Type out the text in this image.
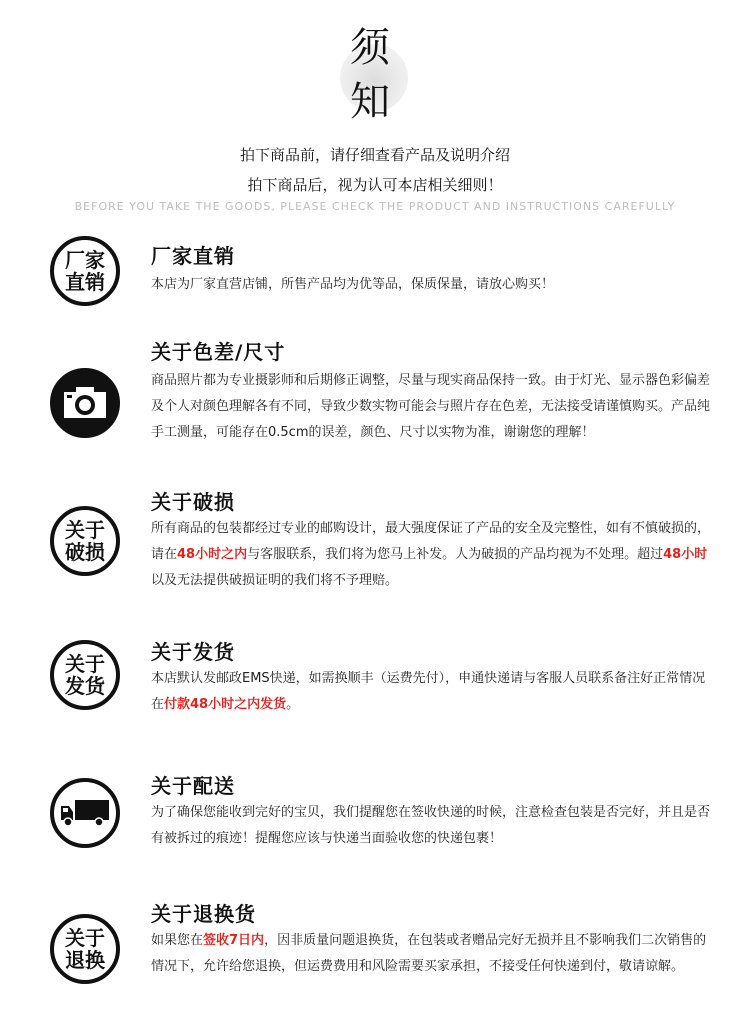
须
知
拍下商品前，请仔细查看产品及说明介绍
拍下商品后，视为认可本店相关细则！
BEFORE YOU TAKE THE GOODS, PLEASE CHECK THE PRODUCT AND INSTRUCTIONS CAREFULLY
厂家
直销
厂家直销
本店为厂家直营店铺，所售产品均为优等品，保质保量，请放心购买！
关于色差/尺寸
商品照片都为专业摄影师和后期修正调整，尽量与现实商品保持一致。由于灯光、显示器色彩偏差及个人对颜色理解各有不同，导致少数实物可能会与照片存在色差，无法接受请谨慎购买。产品纯手工测量，可能存在0.5cm的误差，颜色、尺寸以实物为准，谢谢您的理解！
关于
破损
关于破损
所有商品的包装都经过专业的邮购设计，最大强度保证了产品的安全及完整性，如有不慎破损的，请在48小时之内与客服联系，我们将为您马上补发。人为破损的产品均视为不处理。超过48小时以及无法提供破损证明的我们将不予理赔。
关于
发货
关于发货
本店默认发邮政EMS快递，如需换顺丰（运费先付），申通快递请与客服人员联系备注好正常情况在付款48小时之内发货。
关于配送
为了确保您能收到完好的宝贝，我们提醒您在签收快递的时候，注意检查包装是否完好，并且是否有被拆过的痕迹！提醒您应该与快递当面验收您的快递包裹！
关于
退换
关于退换货
如果您在签收7日内，因非质量问题退换货，在包装或者赠品完好无损并且不影响我们二次销售的情况下，允许给您退换，但运费费用和风险需要买家承担，不接受任何快递到付，敬请谅解。
